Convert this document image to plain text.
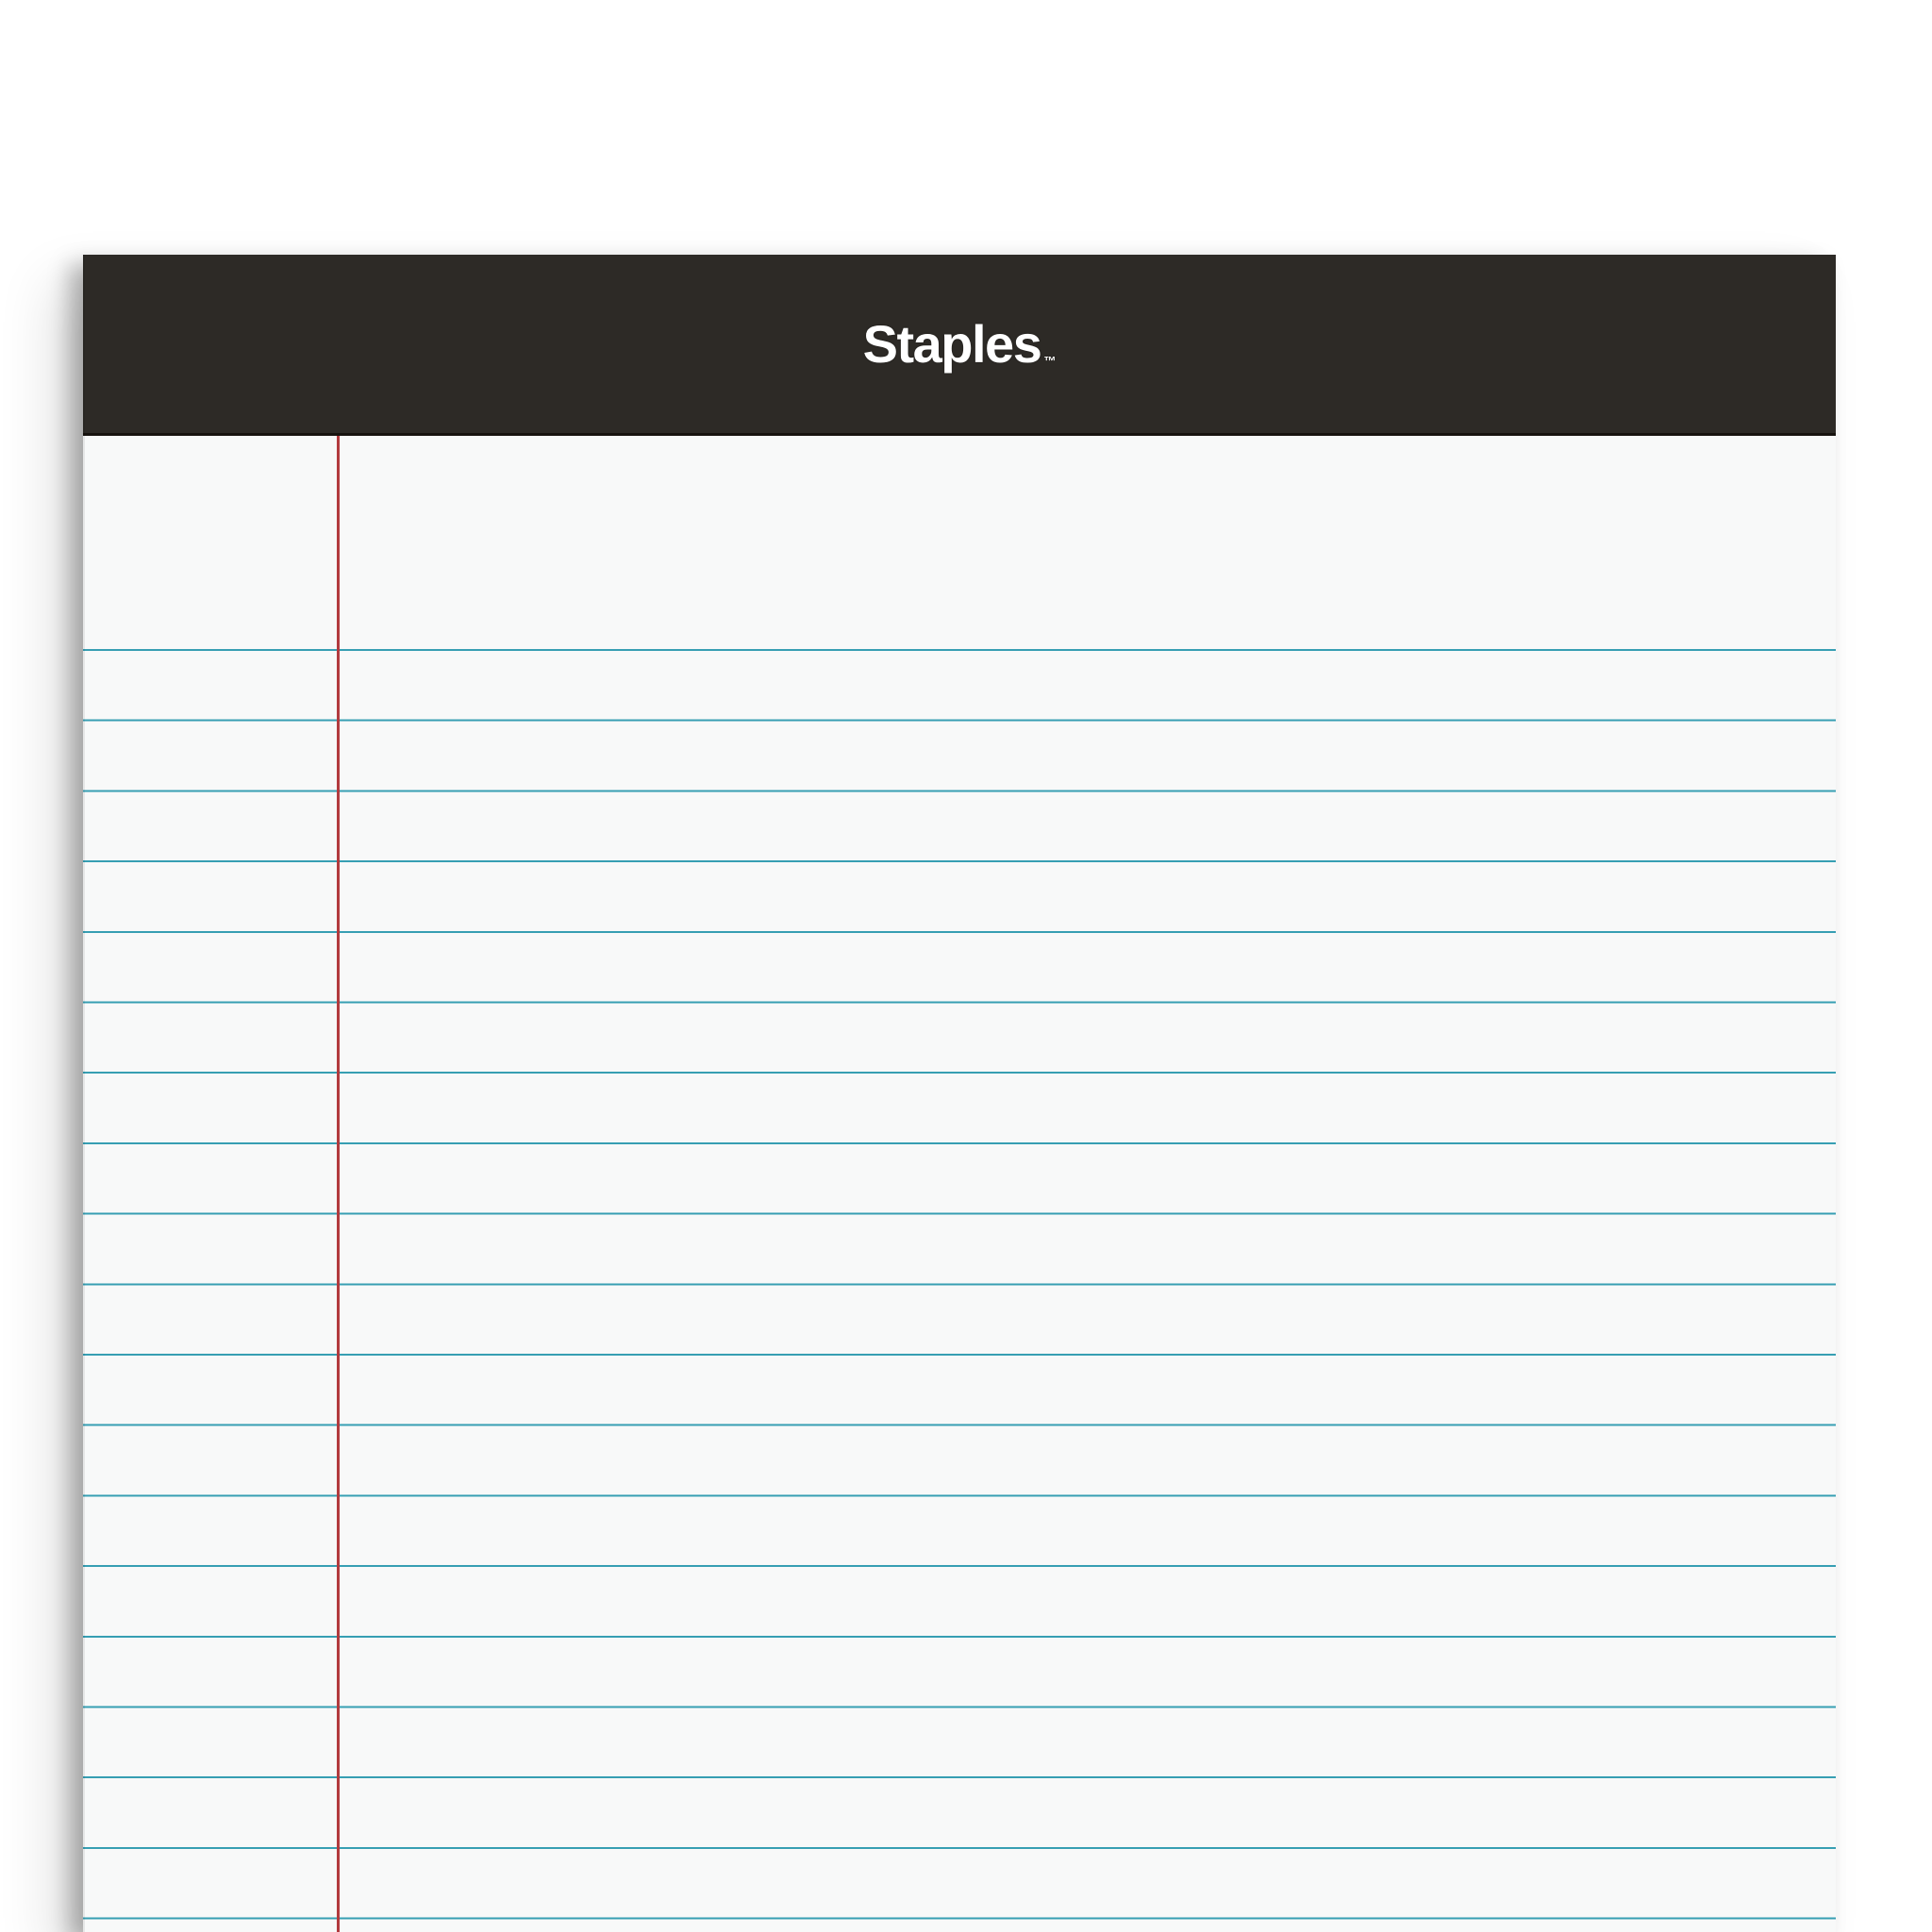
Staples ™
